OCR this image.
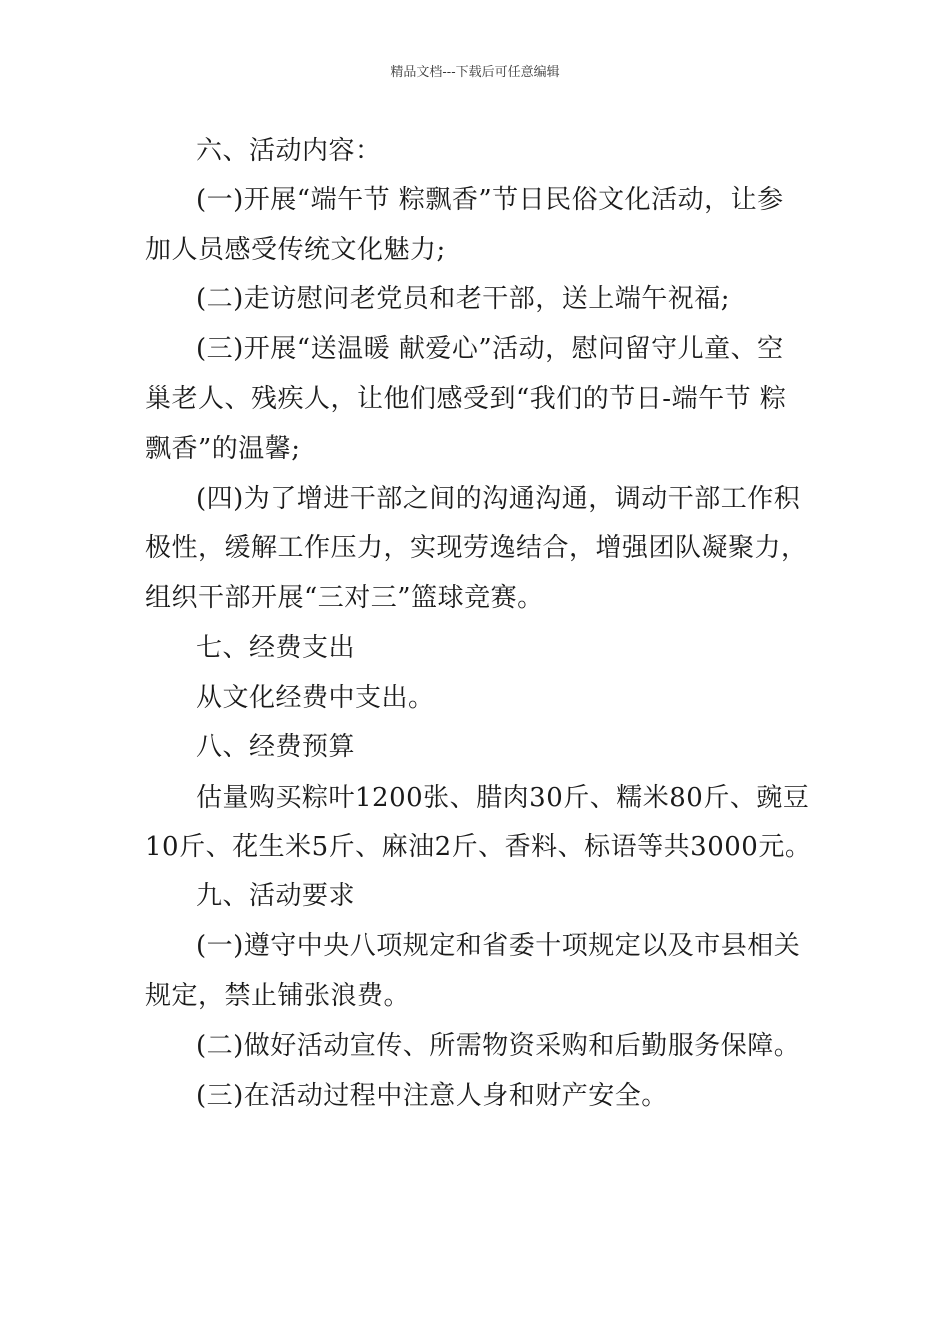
精品文档---下载后可任意编辑
六、活动内容：
(一)开展“端午节 粽飘香”节日民俗文化活动，让参
加人员感受传统文化魅力;
(二)走访慰问老党员和老干部，送上端午祝福;
(三)开展“送温暖 献爱心”活动，慰问留守儿童、空
巢老人、残疾人，让他们感受到“我们的节日-端午节 粽
飘香”的温馨;
(四)为了增进干部之间的沟通沟通，调动干部工作积
极性，缓解工作压力，实现劳逸结合，增强团队凝聚力，
组织干部开展“三对三”篮球竞赛。
七、经费支出
从文化经费中支出。
八、经费预算
估量购买粽叶1200张、腊肉30斤、糯米80斤、豌豆
10斤、花生米5斤、麻油2斤、香料、标语等共3000元。
九、活动要求
(一)遵守中央八项规定和省委十项规定以及市县相关
规定，禁止铺张浪费。
(二)做好活动宣传、所需物资采购和后勤服务保障。
(三)在活动过程中注意人身和财产安全。
